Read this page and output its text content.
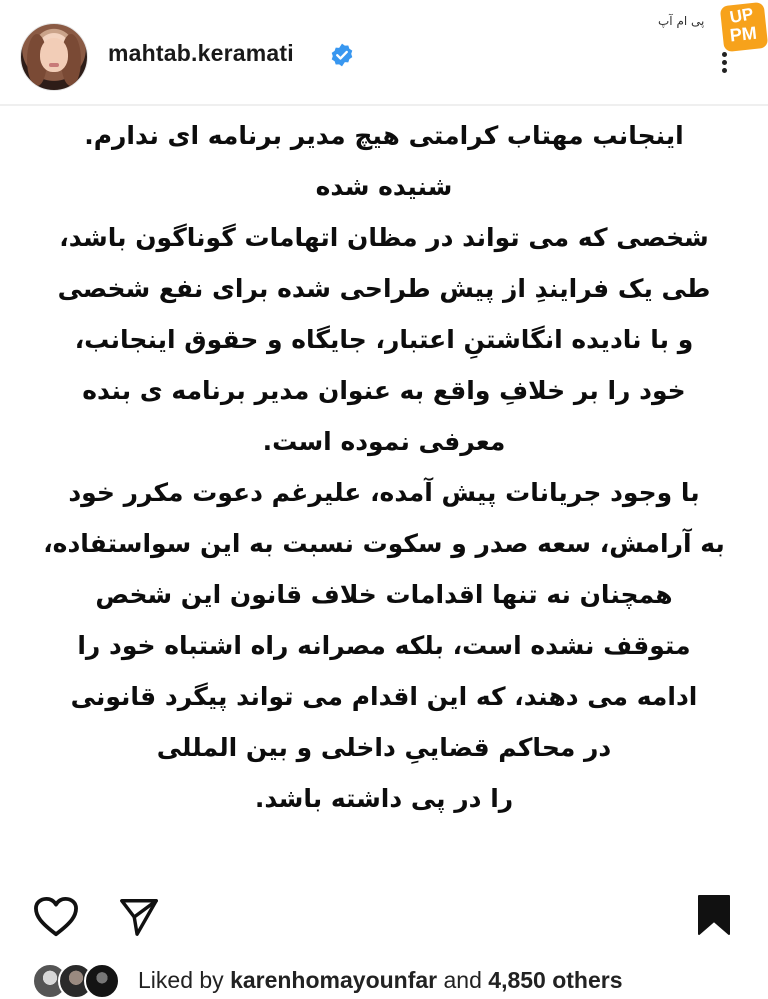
mahtab.keramati
پی ام آپ UP
PM
اینجانب مهتاب کرامتی هیچ مدیر برنامه ای ندارم.
شنیده شده
شخصی که می تواند در مظان اتهامات گوناگون باشد،
طی یک فرایندِ از پیش طراحی شده برای نفع شخصی
و با نادیده انگاشتنِ اعتبار، جایگاه و حقوق اینجانب،
خود را بر خلافِ واقع به عنوان مدیر برنامه ی بنده
معرفی نموده است.
با وجود جریانات پیش آمده، علیرغم دعوت مکرر خود
به آرامش، سعه صدر و سکوت نسبت به این سواستفاده،
همچنان نه تنها اقدامات خلاف قانون این شخص
متوقف نشده است، بلکه مصرانه راه اشتباه خود را
ادامه می دهند، که این اقدام می تواند پیگرد قانونی
در محاکم قضاییِ داخلی و بین المللی
را در پی داشته باشد.
Liked by karenhomayounfar and 4,850 others
